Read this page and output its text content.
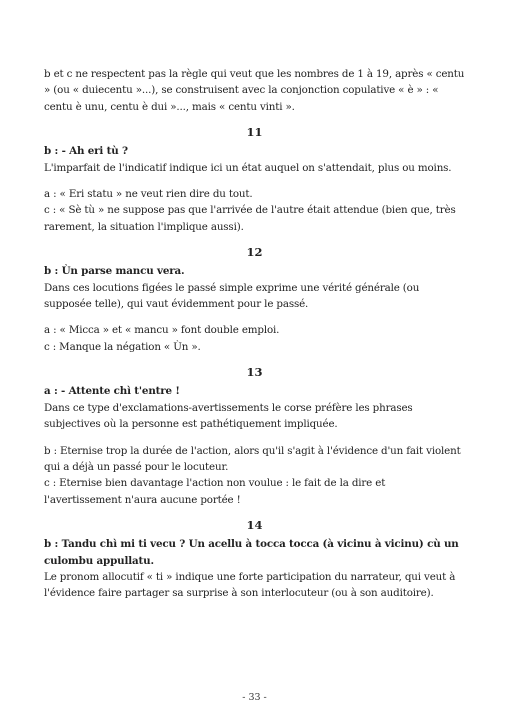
b et c ne respectent pas la règle qui veut que les nombres de 1 à 19, après « centu » (ou « duiecentu »...), se construisent avec la conjonction copulative « è » : « centu è unu, centu è dui »..., mais « centu vinti ».

11

b : - Ah eri tù ?

L'imparfait de l'indicatif indique ici un état auquel on s'attendait, plus ou moins.

a : « Eri statu » ne veut rien dire du tout.

c : « Sè tù » ne suppose pas que l'arrivée de l'autre était attendue (bien que, très rarement, la situation l'implique aussi).

12

b : Ùn parse mancu vera.

Dans ces locutions figées le passé simple exprime une vérité générale (ou supposée telle), qui vaut évidemment pour le passé.

a : « Micca » et « mancu » font double emploi.

c : Manque la négation « Ùn ».

13

a : - Attente chì t'entre !

Dans ce type d'exclamations-avertissements le corse préfère les phrases subjectives où la personne est pathétiquement impliquée.

b : Eternise trop la durée de l'action, alors qu'il s'agit à l'évidence d'un fait violent qui a déjà un passé pour le locuteur.

c : Eternise bien davantage l'action non voulue : le fait de la dire et l'avertissement n'aura aucune portée !

14

b : Tandu chì mi ti vecu ? Un acellu à tocca tocca (à vicinu à vicinu) cù un culombu appullatu.

Le pronom allocutif « ti » indique une forte participation du narrateur, qui veut à l'évidence faire partager sa surprise à son interlocuteur (ou à son auditoire).

- 33 -
